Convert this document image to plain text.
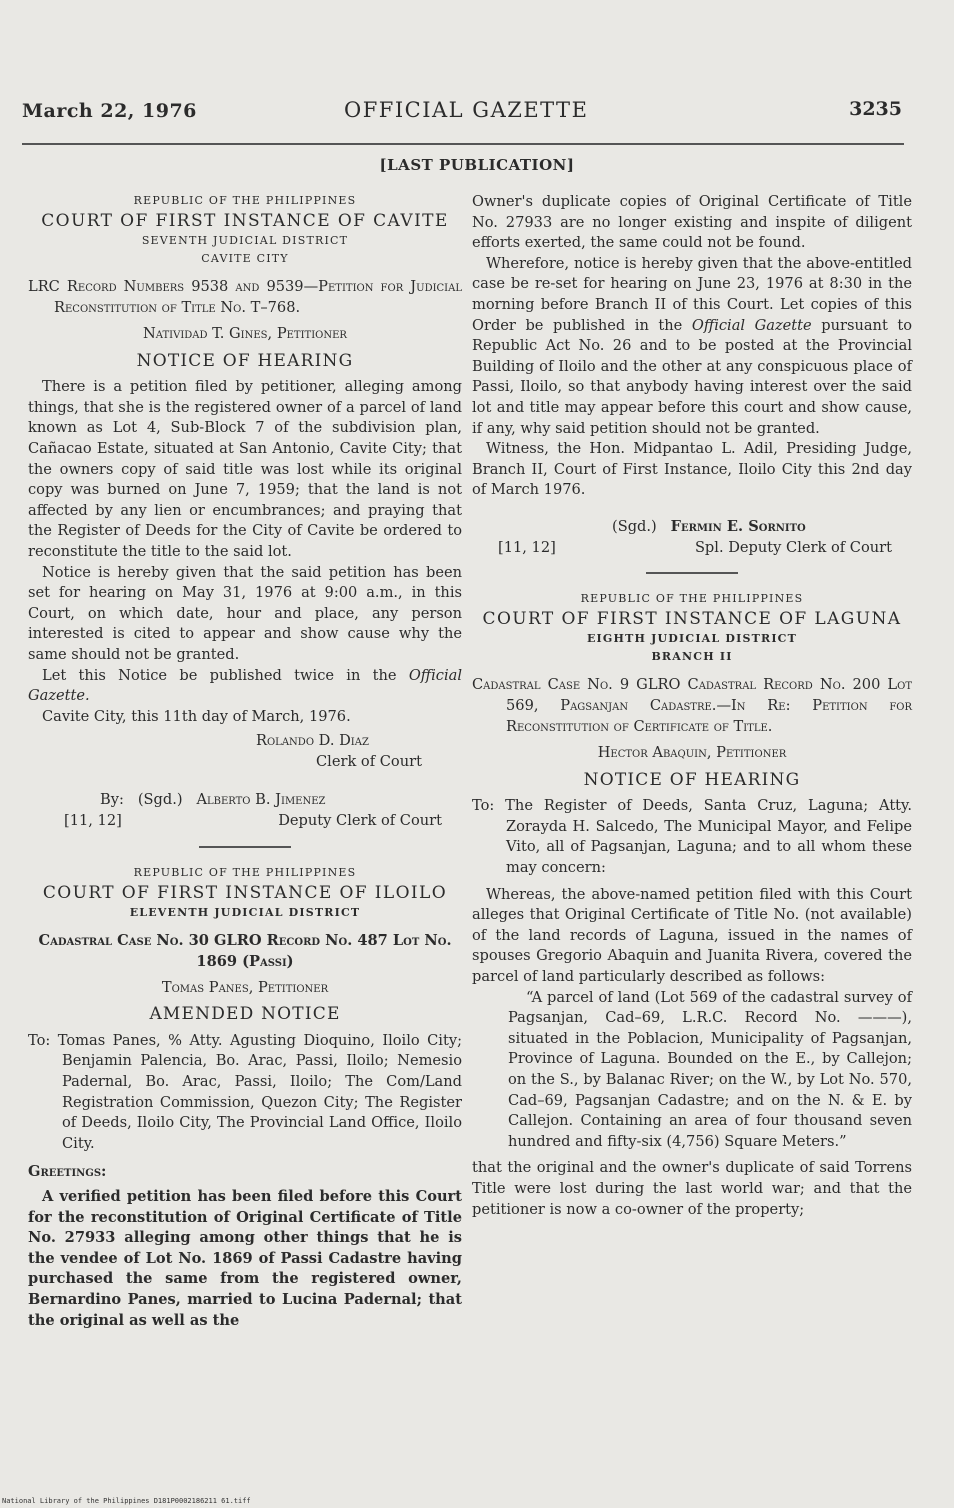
March 22, 1976	OFFICIAL GAZETTE	3235
[LAST PUBLICATION]
REPUBLIC OF THE PHILIPPINES
COURT OF FIRST INSTANCE OF CAVITE
SEVENTH JUDICIAL DISTRICT
CAVITE CITY
LRC Record Numbers 9538 and 9539—Petition for Judicial Reconstitution of Title No. T–768.
Natividad T. Gines, Petitioner
NOTICE OF HEARING

There is a petition filed by petitioner, alleging among things, that she is the registered owner of a parcel of land known as Lot 4, Sub-Block 7 of the subdivision plan, Cañacao Estate, situated at San Antonio, Cavite City; that the owners copy of said title was lost while its original copy was burned on June 7, 1959; that the land is not affected by any lien or encumbrances; and praying that the Register of Deeds for the City of Cavite be ordered to reconstitute the title to the said lot.

Notice is hereby given that the said petition has been set for hearing on May 31, 1976 at 9:00 a.m., in this Court, on which date, hour and place, any person interested is cited to appear and show cause why the same should not be granted.

Let this Notice be published twice in the Official Gazette.

Cavite City, this 11th day of March, 1976.

Rolando D. Diaz
Clerk of Court
By: (Sgd.) Alberto B. Jimenez
[11, 12]	Deputy Clerk of Court
REPUBLIC OF THE PHILIPPINES
COURT OF FIRST INSTANCE OF ILOILO
ELEVENTH JUDICIAL DISTRICT
Cadastral Case No. 30 GLRO Record No. 487 Lot No. 1869 (Passi)
Tomas Panes, Petitioner
AMENDED NOTICE
To: Tomas Panes, % Atty. Agusting Dioquino, Iloilo City; Benjamin Palencia, Bo. Arac, Passi, Iloilo; Nemesio Padernal, Bo. Arac, Passi, Iloilo; The Com/Land Registration Commission, Quezon City; The Register of Deeds, Iloilo City, The Provincial Land Office, Iloilo City.
Greetings:

A verified petition has been filed before this Court for the reconstitution of Original Certificate of Title No. 27933 alleging among other things that he is the vendee of Lot No. 1869 of Passi Cadastre having purchased the same from the registered owner, Bernardino Panes, married to Lucina Padernal; that the original as well as the

Owner's duplicate copies of Original Certificate of Title No. 27933 are no longer existing and inspite of diligent efforts exerted, the same could not be found.

Wherefore, notice is hereby given that the above-entitled case be re-set for hearing on June 23, 1976 at 8:30 in the morning before Branch II of this Court. Let copies of this Order be published in the Official Gazette pursuant to Republic Act No. 26 and to be posted at the Provincial Building of Iloilo and the other at any conspicuous place of Passi, Iloilo, so that anybody having interest over the said lot and title may appear before this court and show cause, if any, why said petition should not be granted.

Witness, the Hon. Midpantao L. Adil, Presiding Judge, Branch II, Court of First Instance, Iloilo City this 2nd day of March 1976.

(Sgd.) Fermin E. Sornito
[11, 12]	Spl. Deputy Clerk of Court
REPUBLIC OF THE PHILIPPINES
COURT OF FIRST INSTANCE OF LAGUNA
EIGHTH JUDICIAL DISTRICT
BRANCH II
Cadastral Case No. 9 GLRO Cadastral Record No. 200 Lot 569, Pagsanjan Cadastre.—In Re: Petition for Reconstitution of Certificate of Title.
Hector Abaquin, Petitioner
NOTICE OF HEARING
To: The Register of Deeds, Santa Cruz, Laguna; Atty. Zorayda H. Salcedo, The Municipal Mayor, and Felipe Vito, all of Pagsanjan, Laguna; and to all whom these may concern:

Whereas, the above-named petition filed with this Court alleges that Original Certificate of Title No. (not available) of the land records of Laguna, issued in the names of spouses Gregorio Abaquin and Juanita Rivera, covered the parcel of land particularly described as follows:

“A parcel of land (Lot 569 of the cadastral survey of Pagsanjan, Cad–69, L.R.C. Record No. ———), situated in the Poblacion, Municipality of Pagsanjan, Province of Laguna. Bounded on the E., by Callejon; on the S., by Balanac River; on the W., by Lot No. 570, Cad–69, Pagsanjan Cadastre; and on the N. & E. by Callejon. Containing an area of four thousand seven hundred and fifty-six (4,756) Square Meters.”

that the original and the owner's duplicate of said Torrens Title were lost during the last world war; and that the petitioner is now a co-owner of the property;

National Library of the Philippines D181P0002186211 61.tiff
